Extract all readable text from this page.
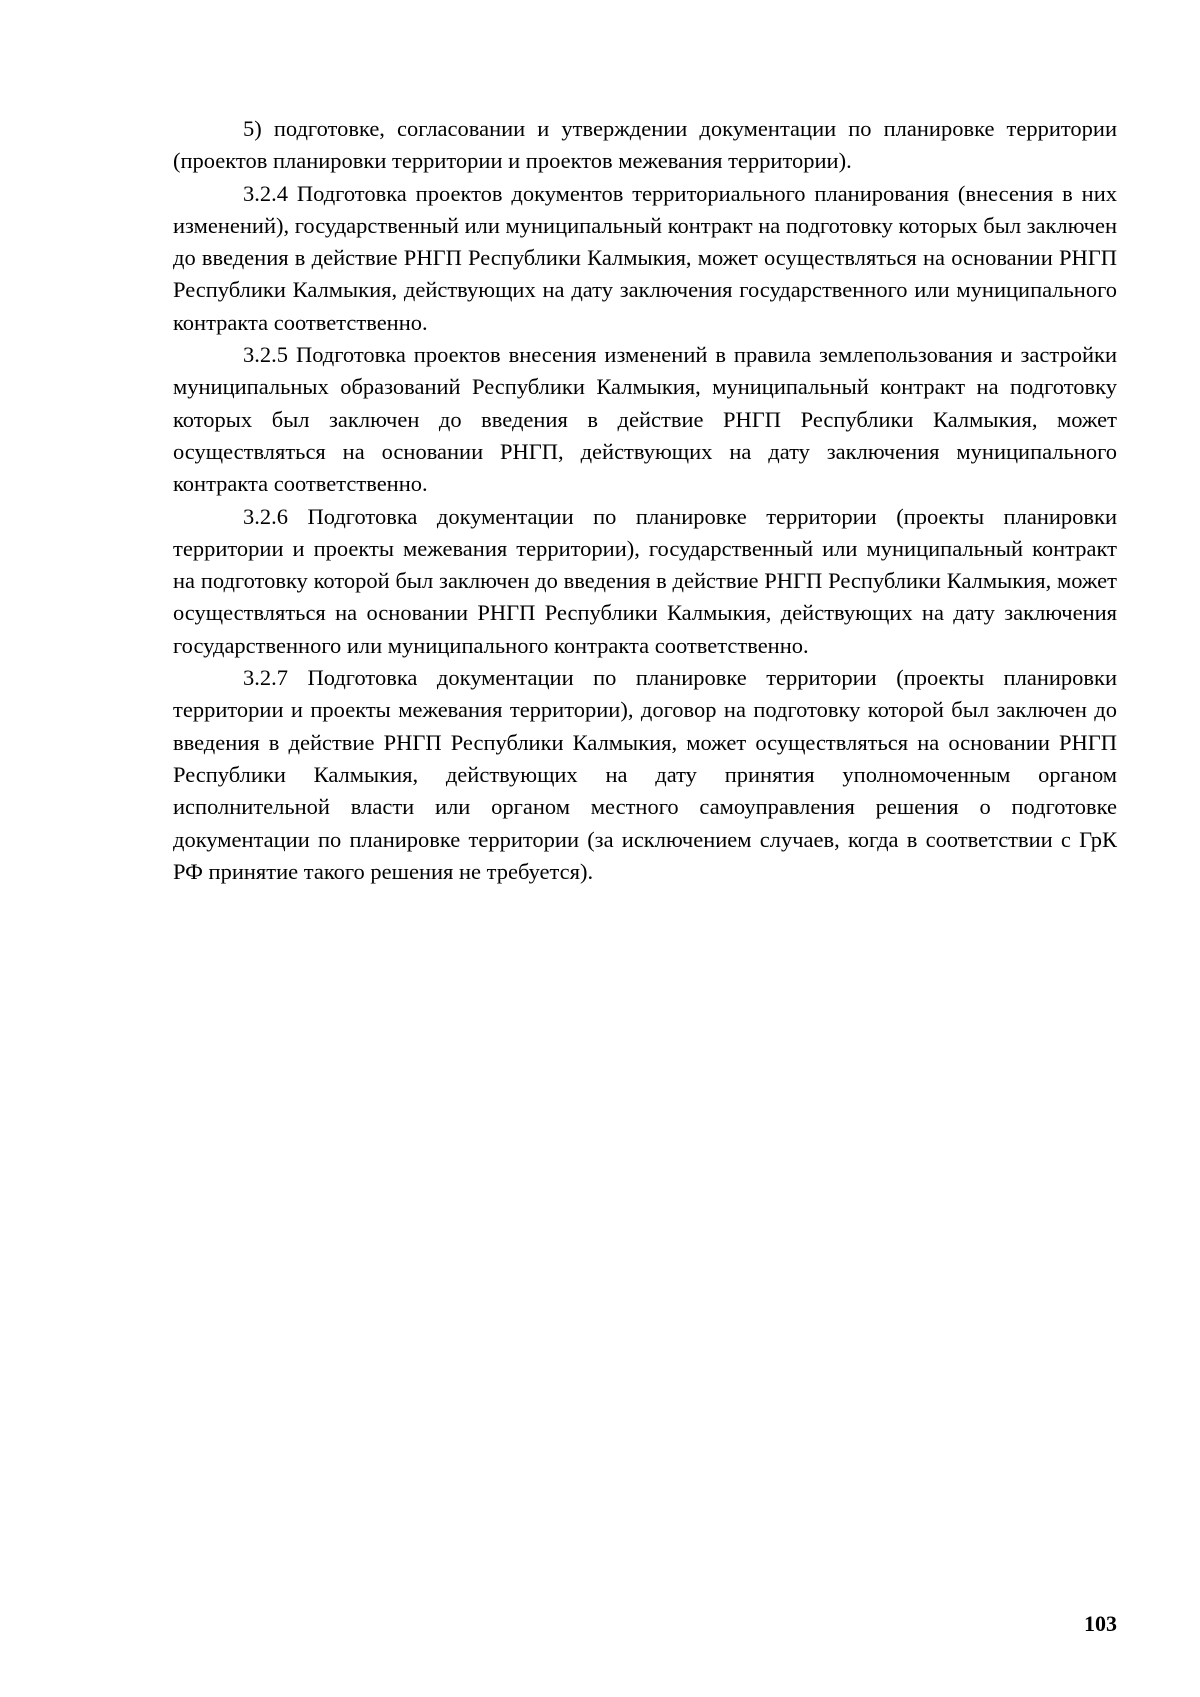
5) подготовке, согласовании и утверждении документации по планировке территории (проектов планировки территории и проектов межевания территории).

3.2.4 Подготовка проектов документов территориального планирования (внесения в них изменений), государственный или муниципальный контракт на подготовку которых был заключен до введения в действие РНГП Республики Калмыкия, может осуществляться на основании РНГП Республики Калмыкия, действующих на дату заключения государственного или муниципального контракта соответственно.

3.2.5 Подготовка проектов внесения изменений в правила землепользования и застройки муниципальных образований Республики Калмыкия, муниципальный контракт на подготовку которых был заключен до введения в действие РНГП Республики Калмыкия, может осуществляться на основании РНГП, действующих на дату заключения муниципального контракта соответственно.

3.2.6 Подготовка документации по планировке территории (проекты планировки территории и проекты межевания территории), государственный или муниципальный контракт на подготовку которой был заключен до введения в действие РНГП Республики Калмыкия, может осуществляться на основании РНГП Республики Калмыкия, действующих на дату заключения государственного или муниципального контракта соответственно.

3.2.7 Подготовка документации по планировке территории (проекты планировки территории и проекты межевания территории), договор на подготовку которой был заключен до введения в действие РНГП Республики Калмыкия, может осуществляться на основании РНГП Республики Калмыкия, действующих на дату принятия уполномоченным органом исполнительной власти или органом местного самоуправления решения о подготовке документации по планировке территории (за исключением случаев, когда в соответствии с ГрК РФ принятие такого решения не требуется).

103
